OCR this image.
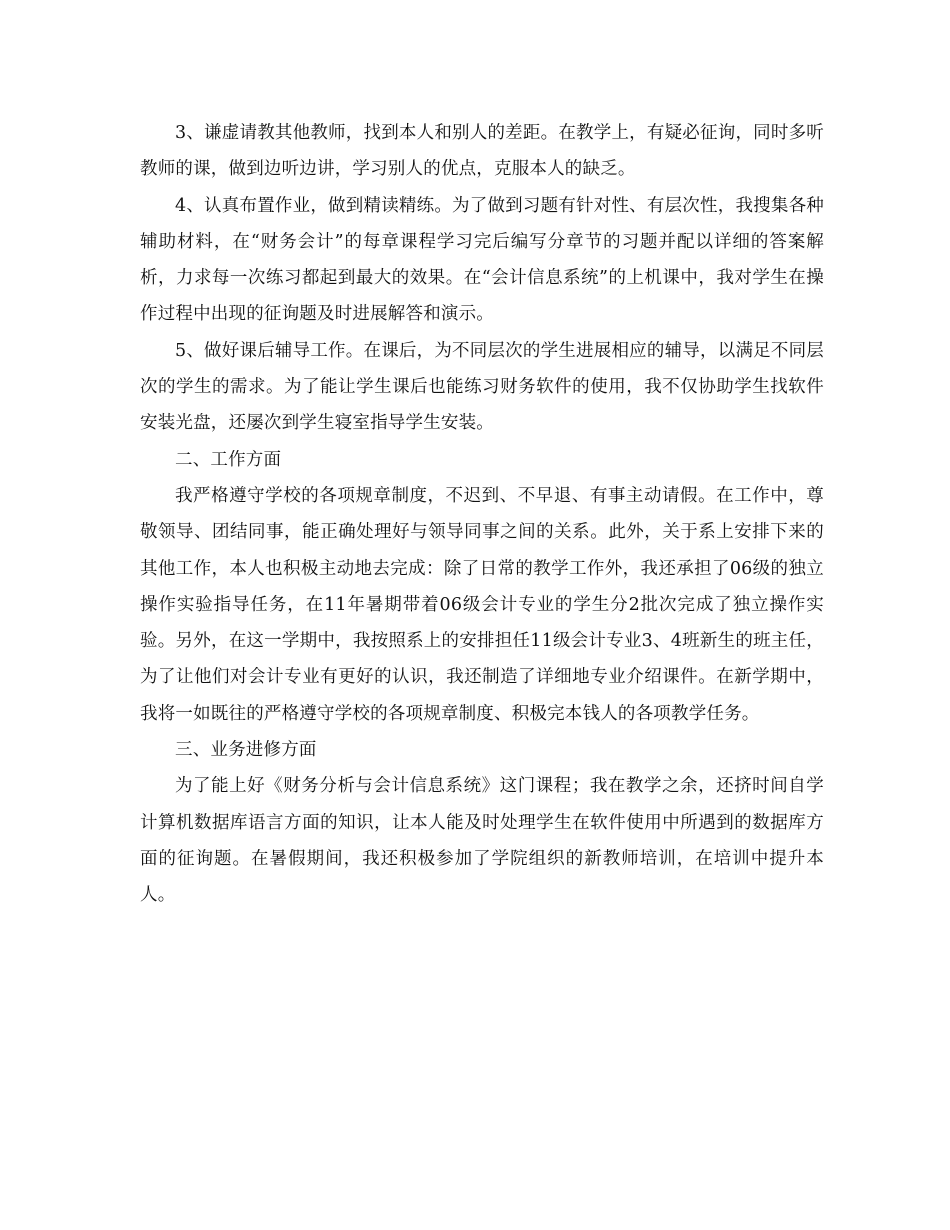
3、谦虚请教其他教师，找到本人和别人的差距。在教学上，有疑必征询，同时多听教师的课，做到边听边讲，学习别人的优点，克服本人的缺乏。

4、认真布置作业，做到精读精练。为了做到习题有针对性、有层次性，我搜集各种辅助材料，在“财务会计”的每章课程学习完后编写分章节的习题并配以详细的答案解析，力求每一次练习都起到最大的效果。在“会计信息系统”的上机课中，我对学生在操作过程中出现的征询题及时进展解答和演示。

5、做好课后辅导工作。在课后，为不同层次的学生进展相应的辅导，以满足不同层次的学生的需求。为了能让学生课后也能练习财务软件的使用，我不仅协助学生找软件安装光盘，还屡次到学生寝室指导学生安装。

二、工作方面

我严格遵守学校的各项规章制度，不迟到、不早退、有事主动请假。在工作中，尊敬领导、团结同事，能正确处理好与领导同事之间的关系。此外，关于系上安排下来的其他工作，本人也积极主动地去完成：除了日常的教学工作外，我还承担了06级的独立操作实验指导任务，在11年暑期带着06级会计专业的学生分2批次完成了独立操作实验。另外，在这一学期中，我按照系上的安排担任11级会计专业3、4班新生的班主任，为了让他们对会计专业有更好的认识，我还制造了详细地专业介绍课件。在新学期中，我将一如既往的严格遵守学校的各项规章制度、积极完本钱人的各项教学任务。

三、业务进修方面

为了能上好《财务分析与会计信息系统》这门课程；我在教学之余，还挤时间自学计算机数据库语言方面的知识，让本人能及时处理学生在软件使用中所遇到的数据库方面的征询题。在暑假期间，我还积极参加了学院组织的新教师培训，在培训中提升本人。
